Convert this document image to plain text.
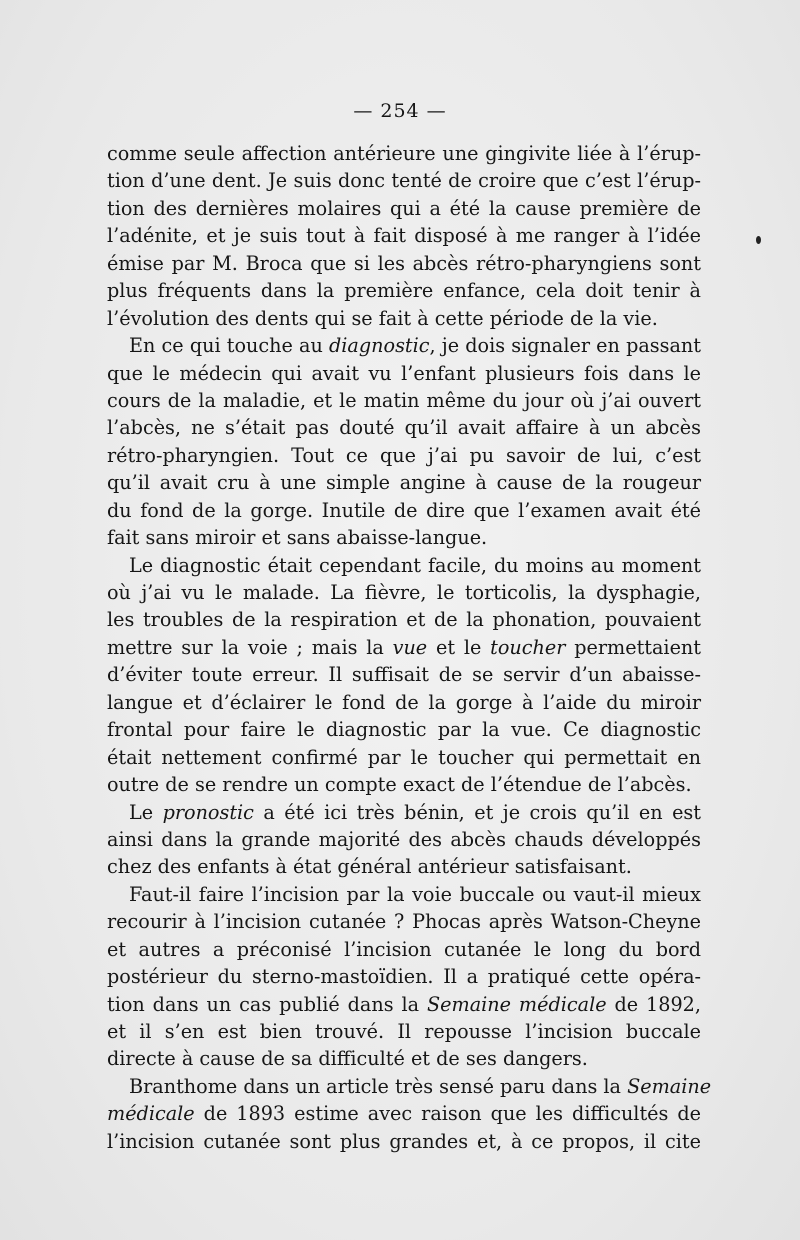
— 254 —
comme seule affection antérieure une gingivite liée à l’érup-
tion d’une dent. Je suis donc tenté de croire que c’est l’érup-
tion des dernières molaires qui a été la cause première de
l’adénite, et je suis tout à fait disposé à me ranger à l’idée
émise par M. Broca que si les abcès rétro-pharyngiens sont
plus fréquents dans la première enfance, cela doit tenir à
l’évolution des dents qui se fait à cette période de la vie.
En ce qui touche au diagnostic, je dois signaler en passant
que le médecin qui avait vu l’enfant plusieurs fois dans le
cours de la maladie, et le matin même du jour où j’ai ouvert
l’abcès, ne s’était pas douté qu’il avait affaire à un abcès
rétro-pharyngien. Tout ce que j’ai pu savoir de lui, c’est
qu’il avait cru à une simple angine à cause de la rougeur
du fond de la gorge. Inutile de dire que l’examen avait été
fait sans miroir et sans abaisse-langue.
Le diagnostic était cependant facile, du moins au moment
où j’ai vu le malade. La fièvre, le torticolis, la dysphagie,
les troubles de la respiration et de la phonation, pouvaient
mettre sur la voie ; mais la vue et le toucher permettaient
d’éviter toute erreur. Il suffisait de se servir d’un abaisse-
langue et d’éclairer le fond de la gorge à l’aide du miroir
frontal pour faire le diagnostic par la vue. Ce diagnostic
était nettement confirmé par le toucher qui permettait en
outre de se rendre un compte exact de l’étendue de l’abcès.
Le pronostic a été ici très bénin, et je crois qu’il en est
ainsi dans la grande majorité des abcès chauds développés
chez des enfants à état général antérieur satisfaisant.
Faut-il faire l’incision par la voie buccale ou vaut-il mieux
recourir à l’incision cutanée ? Phocas après Watson-Cheyne
et autres a préconisé l’incision cutanée le long du bord
postérieur du sterno-mastoïdien. Il a pratiqué cette opéra-
tion dans un cas publié dans la Semaine médicale de 1892,
et il s’en est bien trouvé. Il repousse l’incision buccale
directe à cause de sa difficulté et de ses dangers.
Branthome dans un article très sensé paru dans la Semaine
médicale de 1893 estime avec raison que les difficultés de
l’incision cutanée sont plus grandes et, à ce propos, il cite
